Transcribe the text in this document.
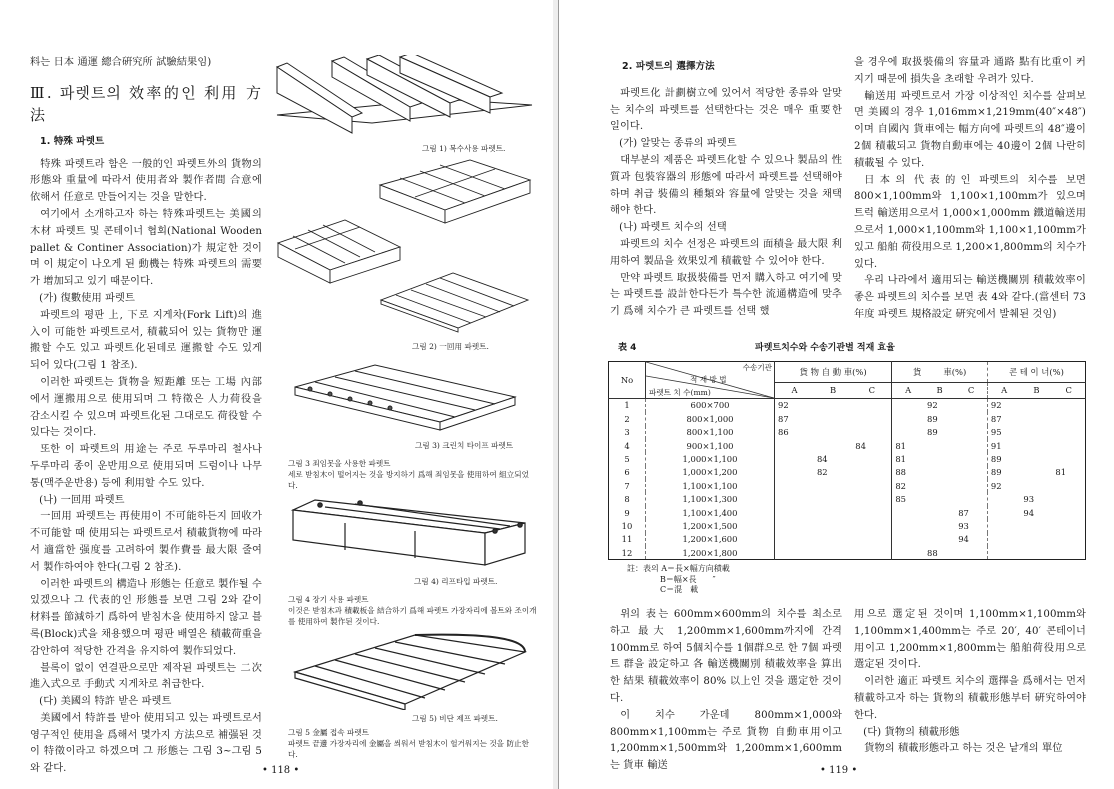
料는 日本 通運 總合硏究所 試驗結果임)

Ⅲ. 파렛트의 效率的인 利用 方法

1. 特殊 파렛트

特殊 파렛트라 함은 一般的인 파렛트外의 貨物의 形態와 重量에 따라서 使用者와 製作者間 合意에 依해서 任意로 만들어지는 것을 말한다.

여기에서 소개하고자 하는 特殊파렛트는 美國의 木材 파렛트 및 콘테이너 협회(National Wooden pallet & Continer Association)가 規定한 것이며 이 規定이 나오게 된 動機는 特殊 파렛트의 需要가 增加되고 있기 때문이다.

(가) 復數使用 파렛트

파렛트의 평판 上, 下로 지게차(Fork Lift)의 進入이 可能한 파렛트로서, 積載되어 있는 貨物만 運搬할 수도 있고 파렛트化된데로 運搬할 수도 있게 되어 있다(그림 1 참조).

이러한 파렛트는 貨物을 短距離 또는 工場 內部에서 運搬用으로 使用되며 그 特徵은 人力荷役을 감소시킬 수 있으며 파렛트化된 그대로도 荷役할 수 있다는 것이다.

또한 이 파렛트의 用途는 주로 두루마리 철사나 두루마리 종이 운반用으로 使用되며 드럼이나 나무통(맥주운반용) 등에 利用할 수도 있다.

(나) 一回用 파렛트

一回用 파렛트는 再使用이 不可能하든지 回收가 不可能할 때 使用되는 파렛트로서 積載貨物에 따라서 適當한 强度를 고려하여 製作費를 最大限 줄여서 製作하여야 한다(그림 2 참조).

이러한 파렛트의 構造나 形態는 任意로 製作될 수 있겠으나 그 代表的인 形態를 보면 그림 2와 같이 材料를 節減하기 爲하여 받침木을 使用하지 않고 블록(Block)式을 채용했으며 평판 배열은 積載荷重을 감안하여 적당한 간격을 유지하여 製作되었다.

블록이 없이 연결판으로만 제작된 파렛트는 二次 進入式으로 手動式 지게차로 취급한다.

(다) 美國의 特許 받은 파렛트

美國에서 特許를 받아 使用되고 있는 파렛트로서 영구적인 使用을 爲해서 몇가지 方法으로 補强된 것이 特徵이라고 하겠으며 그 形態는 그림 3~그림 5와 같다.

그림 1) 복수사용 파렛트.
그림 2) 一回用 파렛트.
그림 3) 크린치 타이프 파렛트
그림 3 죄임못을 사용한 파렛트
세로 받침木이 떨어지는 것을 방지하기 爲해 죄임못을 使用하여 組立되었다.
그림 4) 리프타입 파렛트.
그림 4 장기 사용 파렛트
이것은 받침木과 積載板을 結合하기 爲해 파렛트 가장자리에 볼트와 조이개를 使用하여 製作된 것이다.
그림 5) 비단 제프 파렛트.
그림 5 金屬 접속 파렛트
파렛트 끝邊 가장자리에 金屬을 씌워서 받침木이 헐거워지는 것을 防止한다.
• 118 •

2. 파렛트의 選擇方法

파렛트化 計劃樹立에 있어서 적당한 종류와 알맞는 치수의 파렛트를 선택한다는 것은 매우 重要한 일이다.

(가) 알맞는 종류의 파렛트

대부분의 제품은 파렛트化할 수 있으나 製品의 性質과 包裝容器의 形態에 따라서 파렛트를 선택해야 하며 취급 裝備의 種類와 容量에 알맞는 것을 채택해야 한다.

(나) 파렛트 치수의 선택

파렛트의 치수 선정은 파렛트의 面積을 最大限 利用하여 製品을 效果있게 積載할 수 있어야 한다.

만약 파렛트 取扱裝備를 먼저 購入하고 여기에 맞는 파렛트를 設計한다든가 특수한 流通構造에 맞추기 爲해 치수가 큰 파렛트를 선택 했

을 경우에 取扱裝備의 容量과 通路 點有比重이 커지기 때문에 損失을 초래할 우려가 있다.

輸送用 파렛트로서 가장 이상적인 치수를 살펴보면 美國의 경우 1,016mm×1,219mm(40″×48″)이며 自國內 貨車에는 幅方向에 파렛트의 48″邊이 2個 積載되고 貨物自動車에는 40邊이 2個 나란히 積載될 수 있다.

日本의 代表的인 파렛트의 치수를 보면 800×1,100mm와 1,100×1,100mm가 있으며 트럭 輸送用으로서 1,000×1,000mm 鐵道輸送用으로서 1,000×1,100mm와 1,100×1,100mm가 있고 船舶 荷役用으로 1,200×1,800mm의 치수가 있다.

우리 나라에서 適用되는 輸送機關別 積載效率이 좋은 파렛트의 치수를 보면 表 4와 같다.(當센터 73年度 파렛트 規格設定 硏究에서 발췌된 것임)

表 4	파렛트치수와 수송기관별 적재 효율
No	수송기관
적 재 방 법
파렛트 치 수(mm)	貨 物 自 動 車(%)			貨 　　 車(%)			콘 테 이 너(%)		
		A	B	C	A	B	C	A	B	C
1	600×700	92				92		92		
2	800×1,000	87				89		87		
3	800×1,100	86				89		95		
4	900×1,100			84	81			91		
5	1,000×1,100		84		81			89		
6	1,000×1,200		82		88			89		81
7	1,100×1,100				82			92		
8	1,100×1,300				85				93	
9	1,100×1,400						87		94	
10	1,200×1,500						93			
11	1,200×1,600						94			
12	1,200×1,800					88				
註：表의 A＝長×幅方向積載
B＝幅×長　　″
C＝混　載

위의 表는 600mm×600mm의 치수를 최소로 하고 最大 1,200mm×1,600mm까지에 간격 100mm로 하여 5個치수를 1個群으로 한 7個 파렛트 群을 設定하고 各 輸送機關別 積載效率을 算出한 結果 積載效率이 80% 以上인 것을 選定한 것이다.

이 치수 가운데 800mm×1,000와 800mm×1,100mm는 주로 貨物 自動車用이고 1,200mm×1,500mm와 1,200mm×1,600mm는 貨車 輸送

用으로 選定된 것이며 1,100mm×1,100mm와 1,100mm×1,400mm는 주로 20′, 40′ 콘테이너用이고 1,200mm×1,800mm는 船舶荷役用으로 選定된 것이다.

이러한 適正 파렛트 치수의 選擇을 爲해서는 먼저 積載하고자 하는 貨物의 積載形態부터 硏究하여야 한다.

(다) 貨物의 積載形態

貨物의 積載形態라고 하는 것은 낱개의 單位

• 119 •
